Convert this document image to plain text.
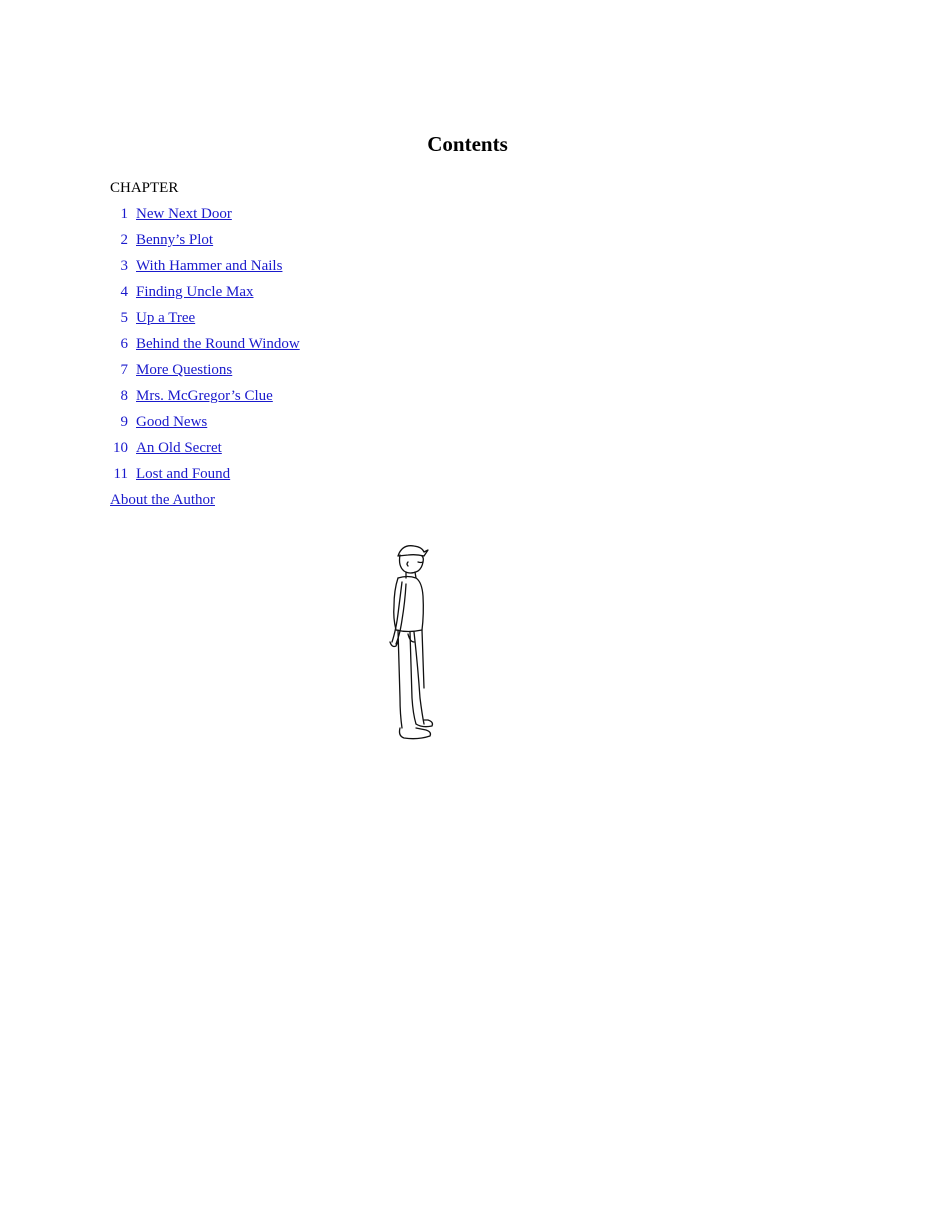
Contents
CHAPTER
1 New Next Door
2 Benny’s Plot
3 With Hammer and Nails
4 Finding Uncle Max
5 Up a Tree
6 Behind the Round Window
7 More Questions
8 Mrs. McGregor’s Clue
9 Good News
10 An Old Secret
11 Lost and Found
About the Author
